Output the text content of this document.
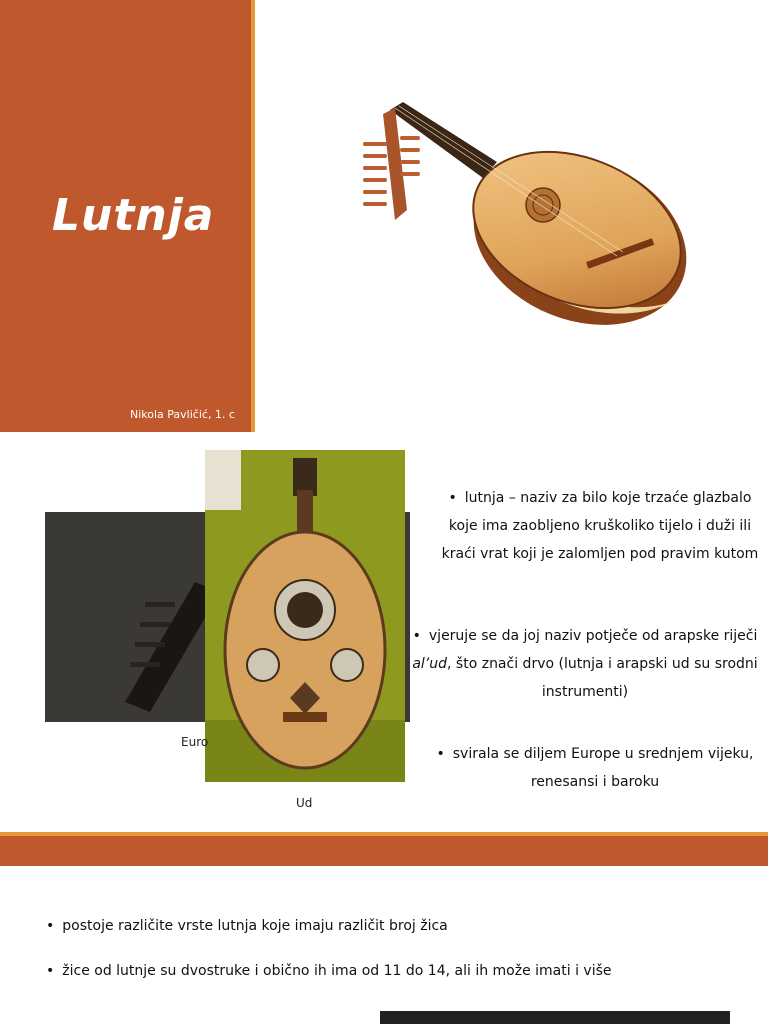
Lutnja
Nikola Pavličić, 1. c
Euro
Ud
• lutnja – naziv za bilo koje trzaće glazbalo koje ima zaobljeno kruškoliko tijelo i duži ili kraći vrat koji je zalomljen pod pravim kutom
• vjeruje se da joj naziv potječe od arapske riječi al’ud, što znači drvo (lutnja i arapski ud su srodni instrumenti)
• svirala se diljem Europe u srednjem vijeku, renesansi i baroku
• postoje različite vrste lutnja koje imaju različit broj žica
• žice od lutnje su dvostruke i obično ih ima od 11 do 14, ali ih može imati i više
